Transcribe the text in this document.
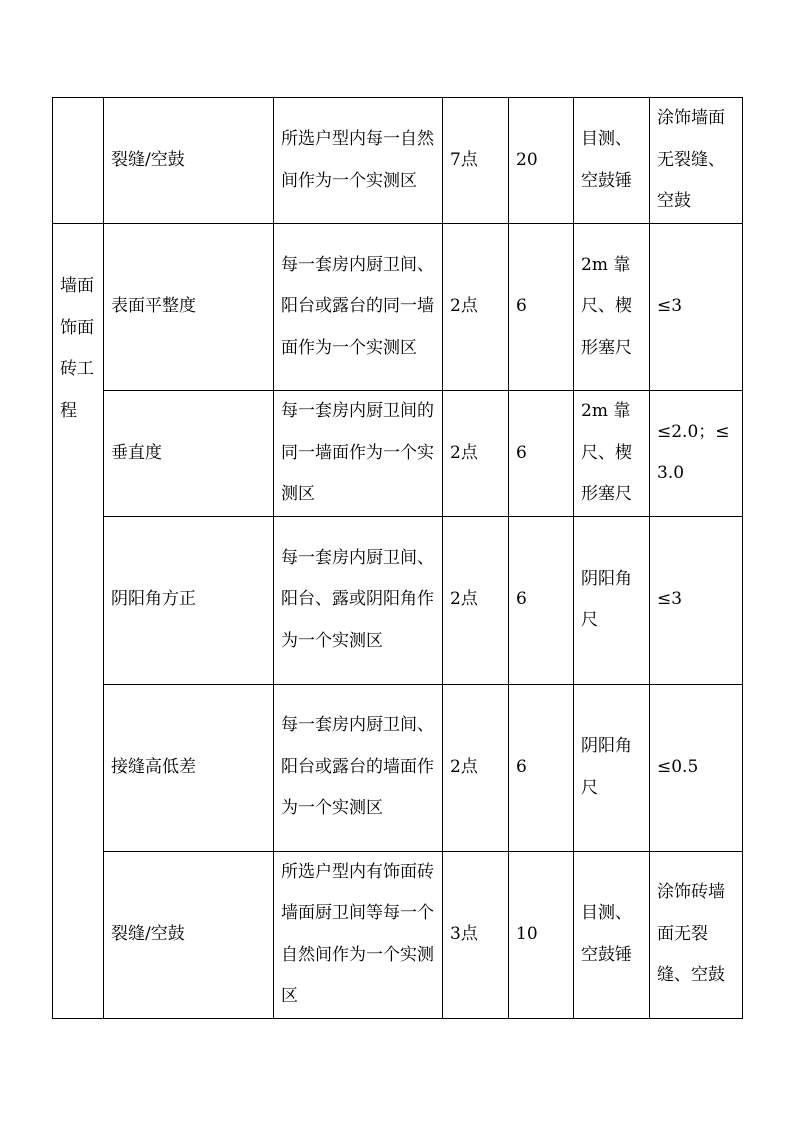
	裂缝/空鼓	所选户型内每一自然间作为一个实测区	7点	20	目测、空鼓锤	涂饰墙面无裂缝、空鼓
墙面饰面砖工程	表面平整度	每一套房内厨卫间、阳台或露台的同一墙面作为一个实测区	2点	6	2m 靠尺、楔形塞尺	≤3
	垂直度	每一套房内厨卫间的同一墙面作为一个实测区	2点	6	2m 靠尺、楔形塞尺	≤2.0；≤3.0
	阴阳角方正	每一套房内厨卫间、阳台、露或阴阳角作为一个实测区	2点	6	阴阳角尺	≤3
	接缝高低差	每一套房内厨卫间、阳台或露台的墙面作为一个实测区	2点	6	阴阳角尺	≤0.5
	裂缝/空鼓	所选户型内有饰面砖墙面厨卫间等每一个自然间作为一个实测区	3点	10	目测、空鼓锤	涂饰砖墙面无裂缝、空鼓
